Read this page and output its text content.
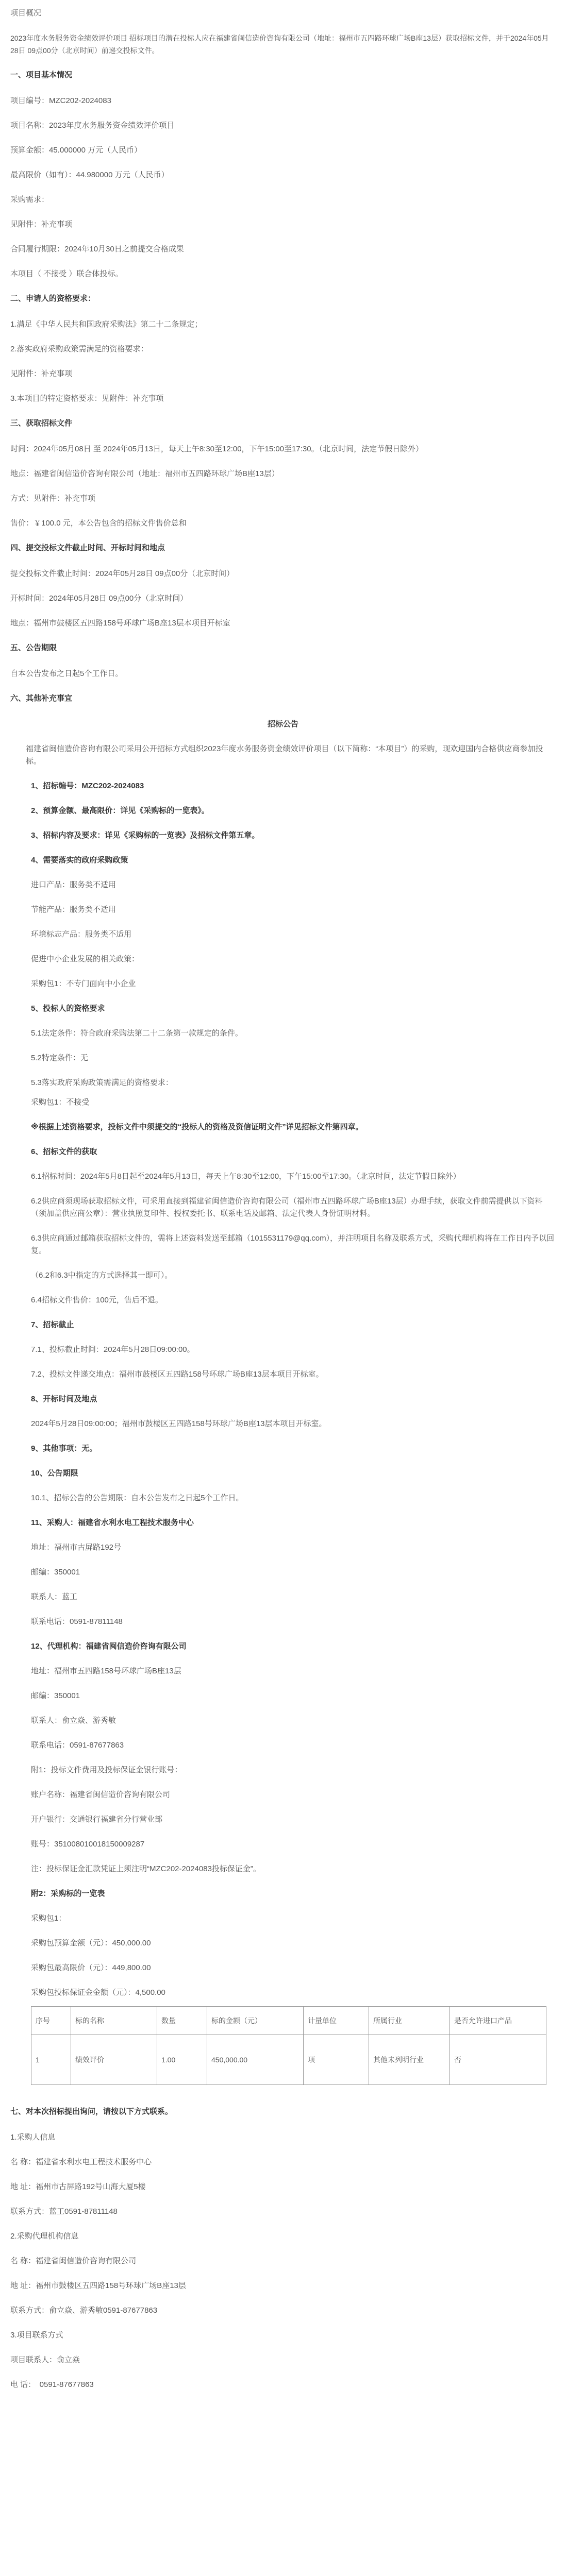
项目概况

2023年度水务服务资金绩效评价项目 招标项目的潜在投标人应在福建省闽信造价咨询有限公司（地址：福州市五四路环球广场B座13层）获取招标文件，并于2024年05月28日 09点00分（北京时间）前递交投标文件。

一、项目基本情况

项目编号：MZC202-2024083

项目名称：2023年度水务服务资金绩效评价项目

预算金额：45.000000 万元（人民币）

最高限价（如有）：44.980000 万元（人民币）

采购需求：

见附件：补充事项

合同履行期限：2024年10月30日之前提交合格成果

本项目（ 不接受 ）联合体投标。

二、申请人的资格要求：

1.满足《中华人民共和国政府采购法》第二十二条规定；

2.落实政府采购政策需满足的资格要求：

见附件：补充事项

3.本项目的特定资格要求：见附件：补充事项

三、获取招标文件

时间：2024年05月08日 至 2024年05月13日，每天上午8:30至12:00，下午15:00至17:30。（北京时间，法定节假日除外）

地点：福建省闽信造价咨询有限公司（地址：福州市五四路环球广场B座13层）

方式：见附件：补充事项

售价：￥100.0 元，本公告包含的招标文件售价总和

四、提交投标文件截止时间、开标时间和地点

提交投标文件截止时间：2024年05月28日 09点00分（北京时间）

开标时间：2024年05月28日 09点00分（北京时间）

地点：福州市鼓楼区五四路158号环球广场B座13层本项目开标室

五、公告期限

自本公告发布之日起5个工作日。

六、其他补充事宜

招标公告

福建省闽信造价咨询有限公司采用公开招标方式组织2023年度水务服务资金绩效评价项目（以下简称：“本项目”）的采购，现欢迎国内合格供应商参加投标。

1、招标编号：MZC202-2024083

2、预算金额、最高限价：详见《采购标的一览表》。

3、招标内容及要求：详见《采购标的一览表》及招标文件第五章。

4、需要落实的政府采购政策

进口产品：服务类不适用

节能产品：服务类不适用

环境标志产品：服务类不适用

促进中小企业发展的相关政策：

采购包1：不专门面向中小企业

5、投标人的资格要求

5.1法定条件：符合政府采购法第二十二条第一款规定的条件。

5.2特定条件：无

5.3落实政府采购政策需满足的资格要求：

采购包1：不接受

※根据上述资格要求，投标文件中须提交的“投标人的资格及资信证明文件”详见招标文件第四章。

6、招标文件的获取

6.1招标时间：2024年5月8日起至2024年5月13日，每天上午8:30至12:00，下午15:00至17:30。（北京时间，法定节假日除外）

6.2供应商须现场获取招标文件，可采用直接到福建省闽信造价咨询有限公司（福州市五四路环球广场B座13层）办理手续，获取文件前需提供以下资料（须加盖供应商公章）：营业执照复印件、授权委托书、联系电话及邮箱、法定代表人身份证明材料。

6.3供应商通过邮箱获取招标文件的，需将上述资料发送至邮箱（1015531179@qq.com），并注明项目名称及联系方式，采购代理机构将在工作日内予以回复。

（6.2和6.3中指定的方式选择其一即可）。

6.4招标文件售价：100元，售后不退。

7、招标截止

7.1、投标截止时间：2024年5月28日09:00:00。

7.2、投标文件递交地点：福州市鼓楼区五四路158号环球广场B座13层本项目开标室。

8、开标时间及地点

2024年5月28日09:00:00；福州市鼓楼区五四路158号环球广场B座13层本项目开标室。

9、其他事项：无。

10、公告期限

10.1、招标公告的公告期限：自本公告发布之日起5个工作日。

11、采购人：福建省水利水电工程技术服务中心

地址：福州市古屏路192号

邮编：350001

联系人：蓝工

联系电话：0591-87811148

12、代理机构：福建省闽信造价咨询有限公司

地址：福州市五四路158号环球广场B座13层

邮编：350001

联系人：俞立焱、游秀敏

联系电话：0591-87677863

附1：投标文件费用及投标保证金银行账号：

账户名称：福建省闽信造价咨询有限公司

开户银行：交通银行福建省分行营业部

账号：351008010018150009287

注：投标保证金汇款凭证上须注明“MZC202-2024083投标保证金”。

附2：采购标的一览表

采购包1：

采购包预算金额（元）：450,000.00

采购包最高限价（元）：449,800.00

采购包投标保证金金额（元）：4,500.00

序号	标的名称	数量	标的金额（元）	计量单位	所属行业	是否允许进口产品
1	绩效评价	1.00	450,000.00	项	其他未列明行业	否

七、对本次招标提出询问，请按以下方式联系。

1.采购人信息

名 称：福建省水利水电工程技术服务中心

地 址：福州市古屏路192号山海大厦5楼

联系方式：蓝工0591-87811148

2.采购代理机构信息

名 称：福建省闽信造价咨询有限公司

地 址：福州市鼓楼区五四路158号环球广场B座13层

联系方式：俞立焱、游秀敏0591-87677863

3.项目联系方式

项目联系人：俞立焱

电 话：　0591-87677863
